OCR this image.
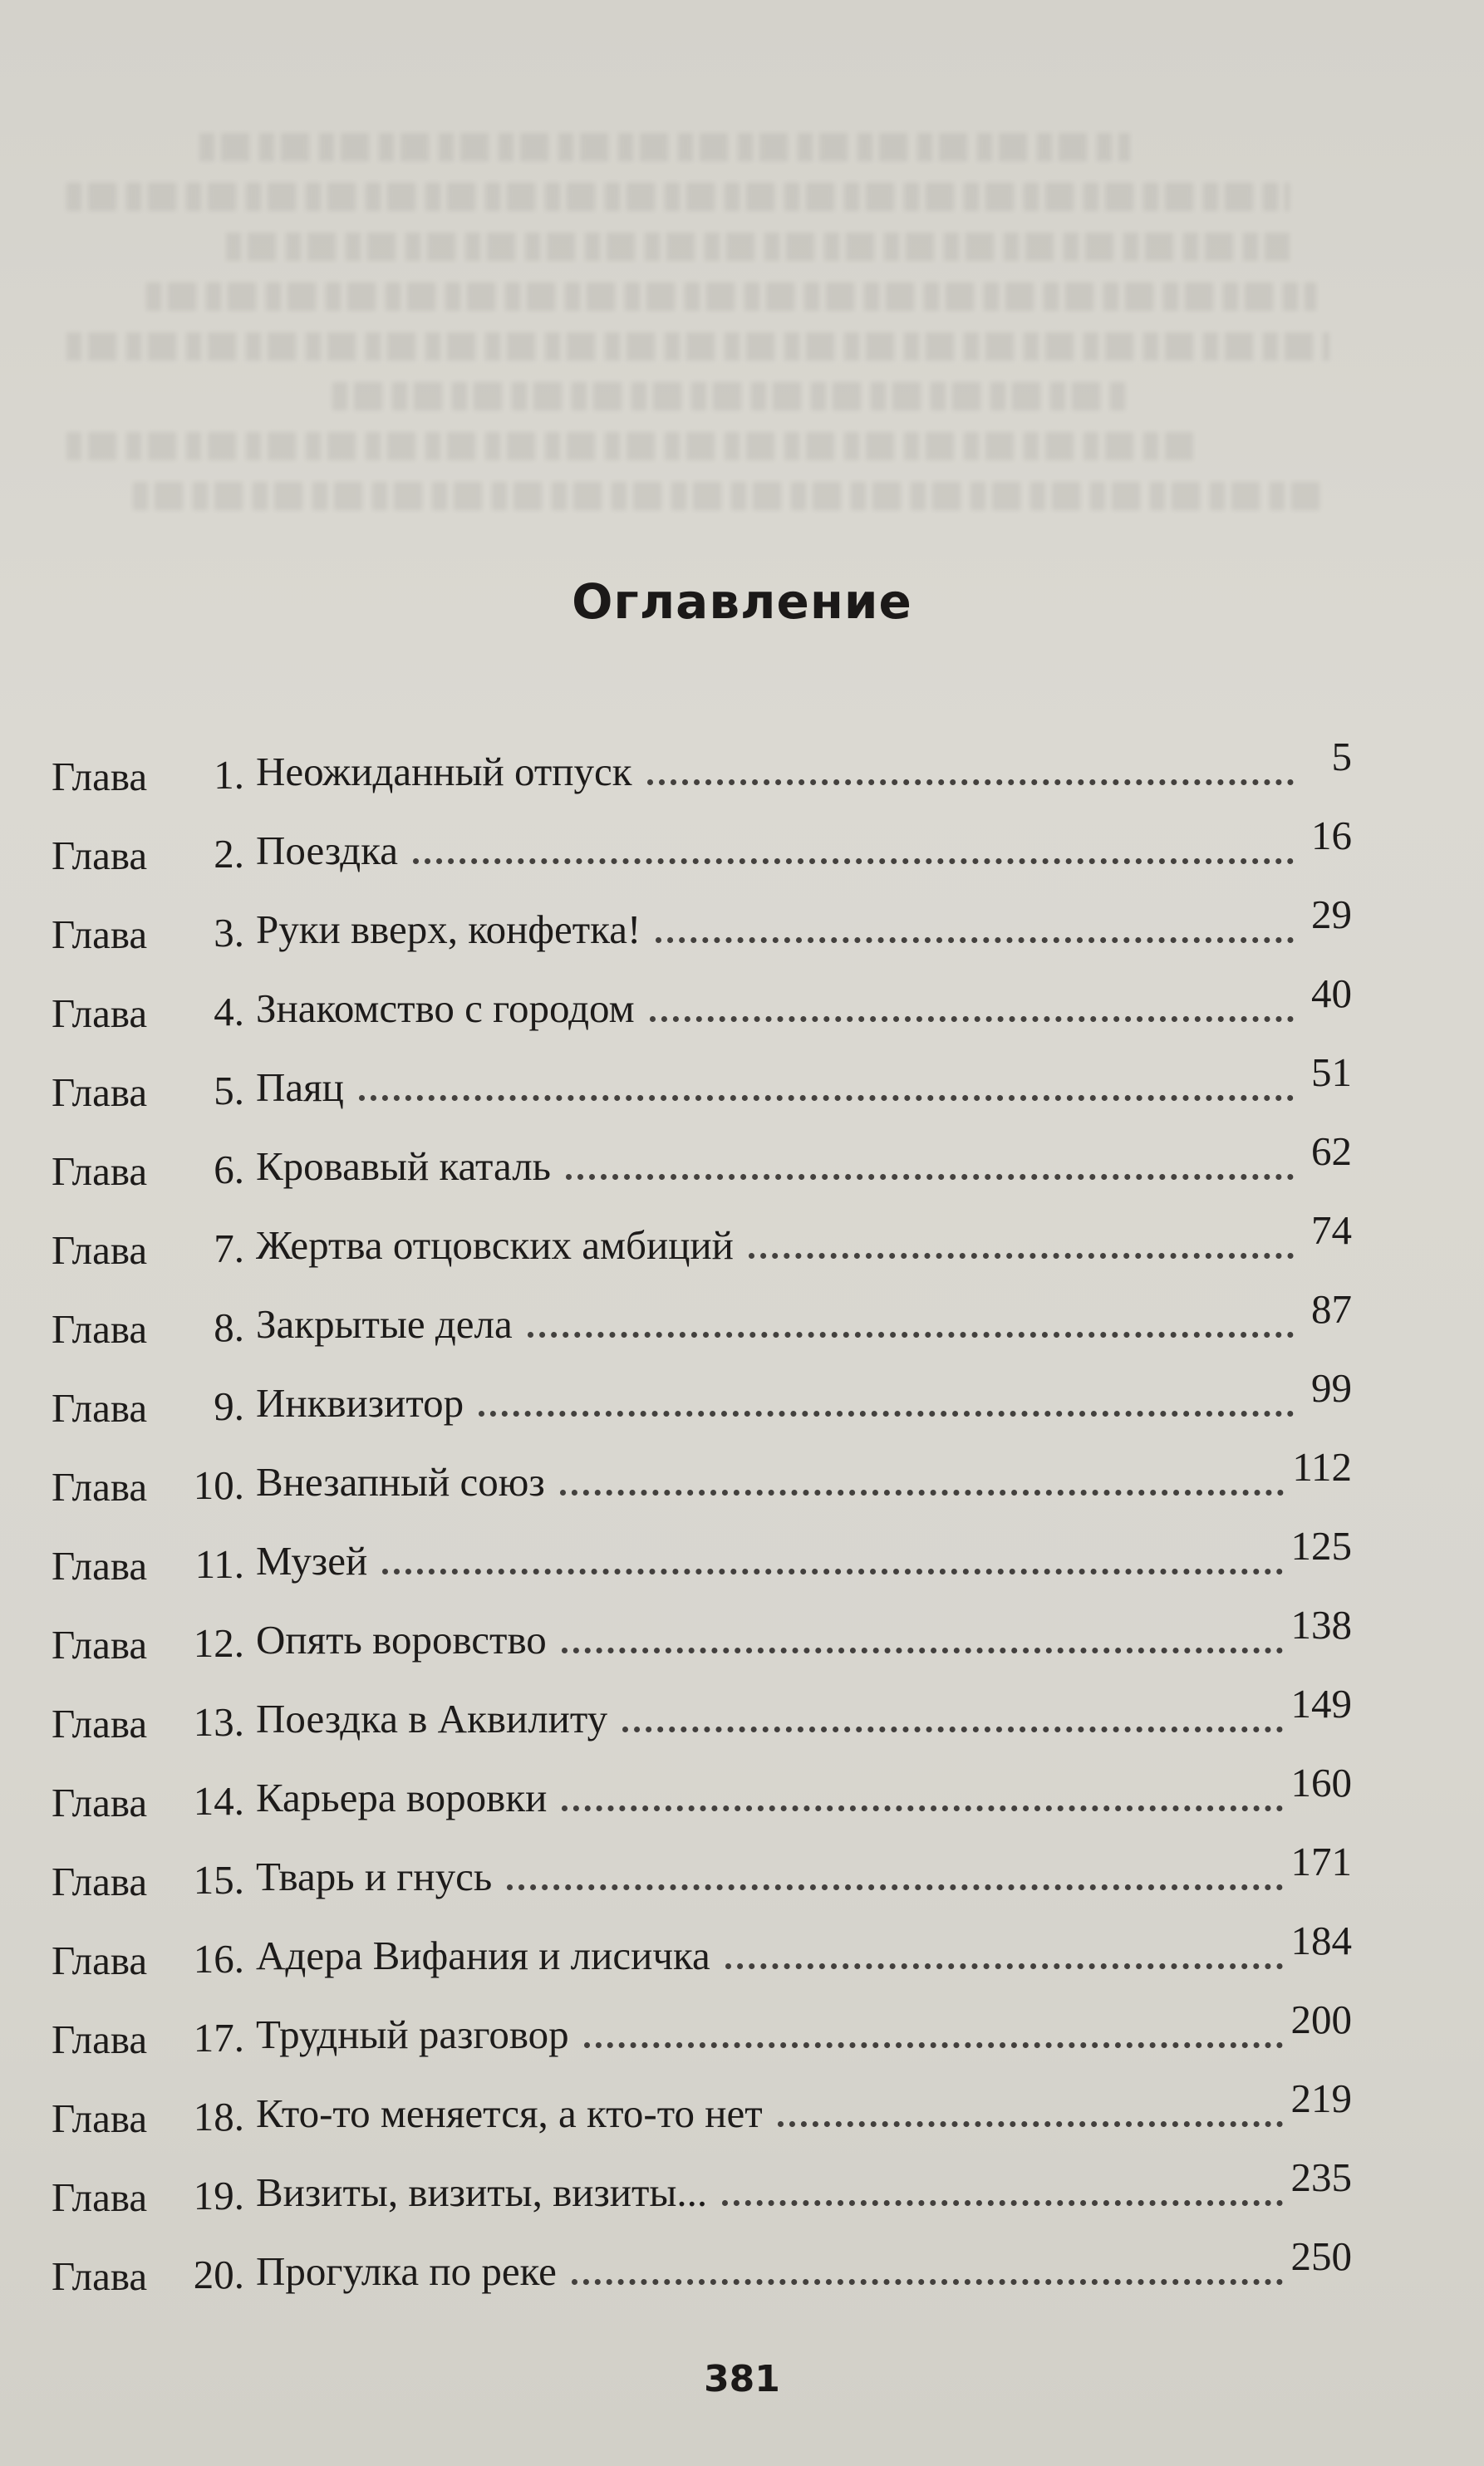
Оглавление
Глава	1. Неожиданный отпуск	5
Глава	2. Поездка	16
Глава	3. Руки вверх, конфетка!	29
Глава	4. Знакомство с городом	40
Глава	5. Паяц	51
Глава	6. Кровавый каталь	62
Глава	7. Жертва отцовских амбиций	74
Глава	8. Закрытые дела	87
Глава	9. Инквизитор	99
Глава	10. Внезапный союз	112
Глава	11. Музей	125
Глава	12. Опять воровство	138
Глава	13. Поездка в Аквилиту	149
Глава	14. Карьера воровки	160
Глава	15. Тварь и гнусь	171
Глава	16. Адера Вифания и лисичка	184
Глава	17. Трудный разговор	200
Глава	18. Кто-то меняется, а кто-то нет	219
Глава	19. Визиты, визиты, визиты...	235
Глава	20. Прогулка по реке	250
381
